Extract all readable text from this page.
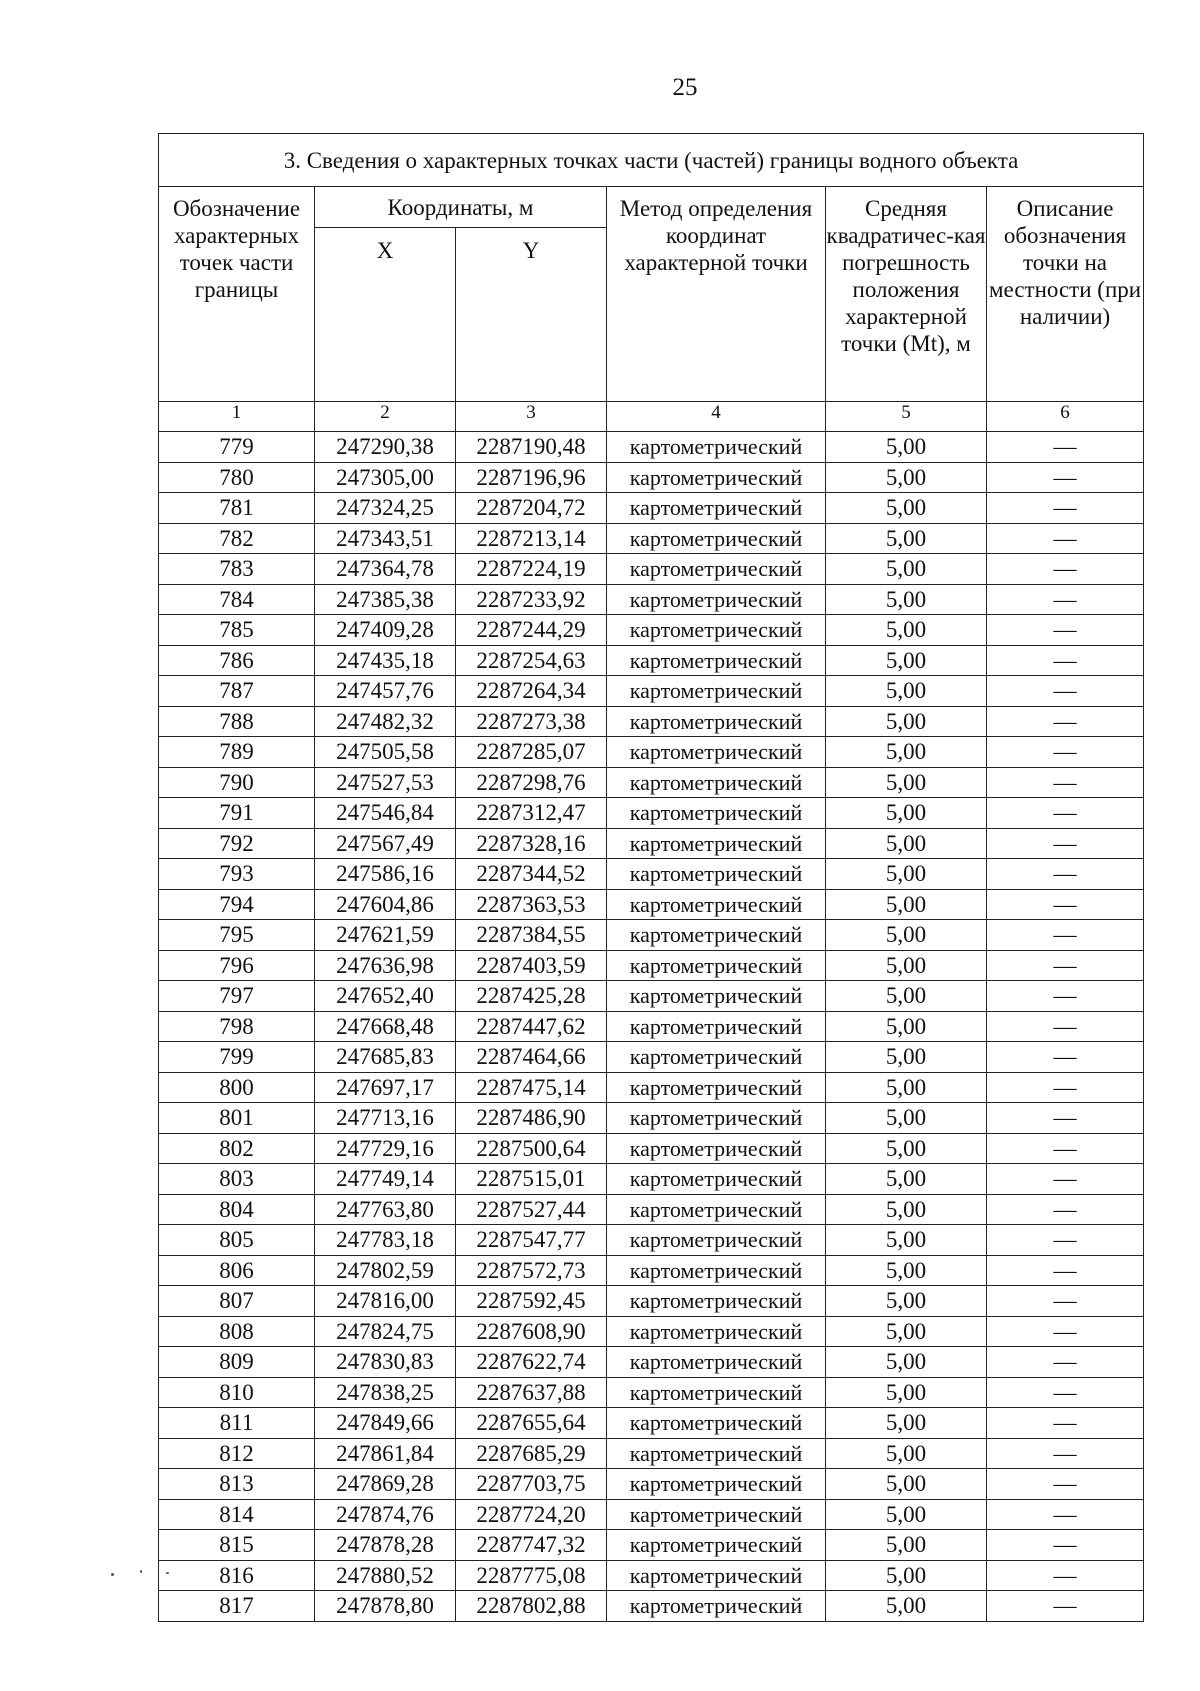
25
3. Сведения о характерных точках части (частей) границы водного объекта					
Обозначение характерных точек части границы	Координаты, м		Метод определения координат характерной точки	Средняя квадратичес-кая погрешность положения характерной точки (Mt), м	Описание обозначения точки на местности (при наличии)
	X	Y			
1	2	3	4	5	6
779	247290,38	2287190,48	картометрический	5,00	—
780	247305,00	2287196,96	картометрический	5,00	—
781	247324,25	2287204,72	картометрический	5,00	—
782	247343,51	2287213,14	картометрический	5,00	—
783	247364,78	2287224,19	картометрический	5,00	—
784	247385,38	2287233,92	картометрический	5,00	—
785	247409,28	2287244,29	картометрический	5,00	—
786	247435,18	2287254,63	картометрический	5,00	—
787	247457,76	2287264,34	картометрический	5,00	—
788	247482,32	2287273,38	картометрический	5,00	—
789	247505,58	2287285,07	картометрический	5,00	—
790	247527,53	2287298,76	картометрический	5,00	—
791	247546,84	2287312,47	картометрический	5,00	—
792	247567,49	2287328,16	картометрический	5,00	—
793	247586,16	2287344,52	картометрический	5,00	—
794	247604,86	2287363,53	картометрический	5,00	—
795	247621,59	2287384,55	картометрический	5,00	—
796	247636,98	2287403,59	картометрический	5,00	—
797	247652,40	2287425,28	картометрический	5,00	—
798	247668,48	2287447,62	картометрический	5,00	—
799	247685,83	2287464,66	картометрический	5,00	—
800	247697,17	2287475,14	картометрический	5,00	—
801	247713,16	2287486,90	картометрический	5,00	—
802	247729,16	2287500,64	картометрический	5,00	—
803	247749,14	2287515,01	картометрический	5,00	—
804	247763,80	2287527,44	картометрический	5,00	—
805	247783,18	2287547,77	картометрический	5,00	—
806	247802,59	2287572,73	картометрический	5,00	—
807	247816,00	2287592,45	картометрический	5,00	—
808	247824,75	2287608,90	картометрический	5,00	—
809	247830,83	2287622,74	картометрический	5,00	—
810	247838,25	2287637,88	картометрический	5,00	—
811	247849,66	2287655,64	картометрический	5,00	—
812	247861,84	2287685,29	картометрический	5,00	—
813	247869,28	2287703,75	картометрический	5,00	—
814	247874,76	2287724,20	картометрический	5,00	—
815	247878,28	2287747,32	картометрический	5,00	—
816	247880,52	2287775,08	картометрический	5,00	—
817	247878,80	2287802,88	картометрический	5,00	—
